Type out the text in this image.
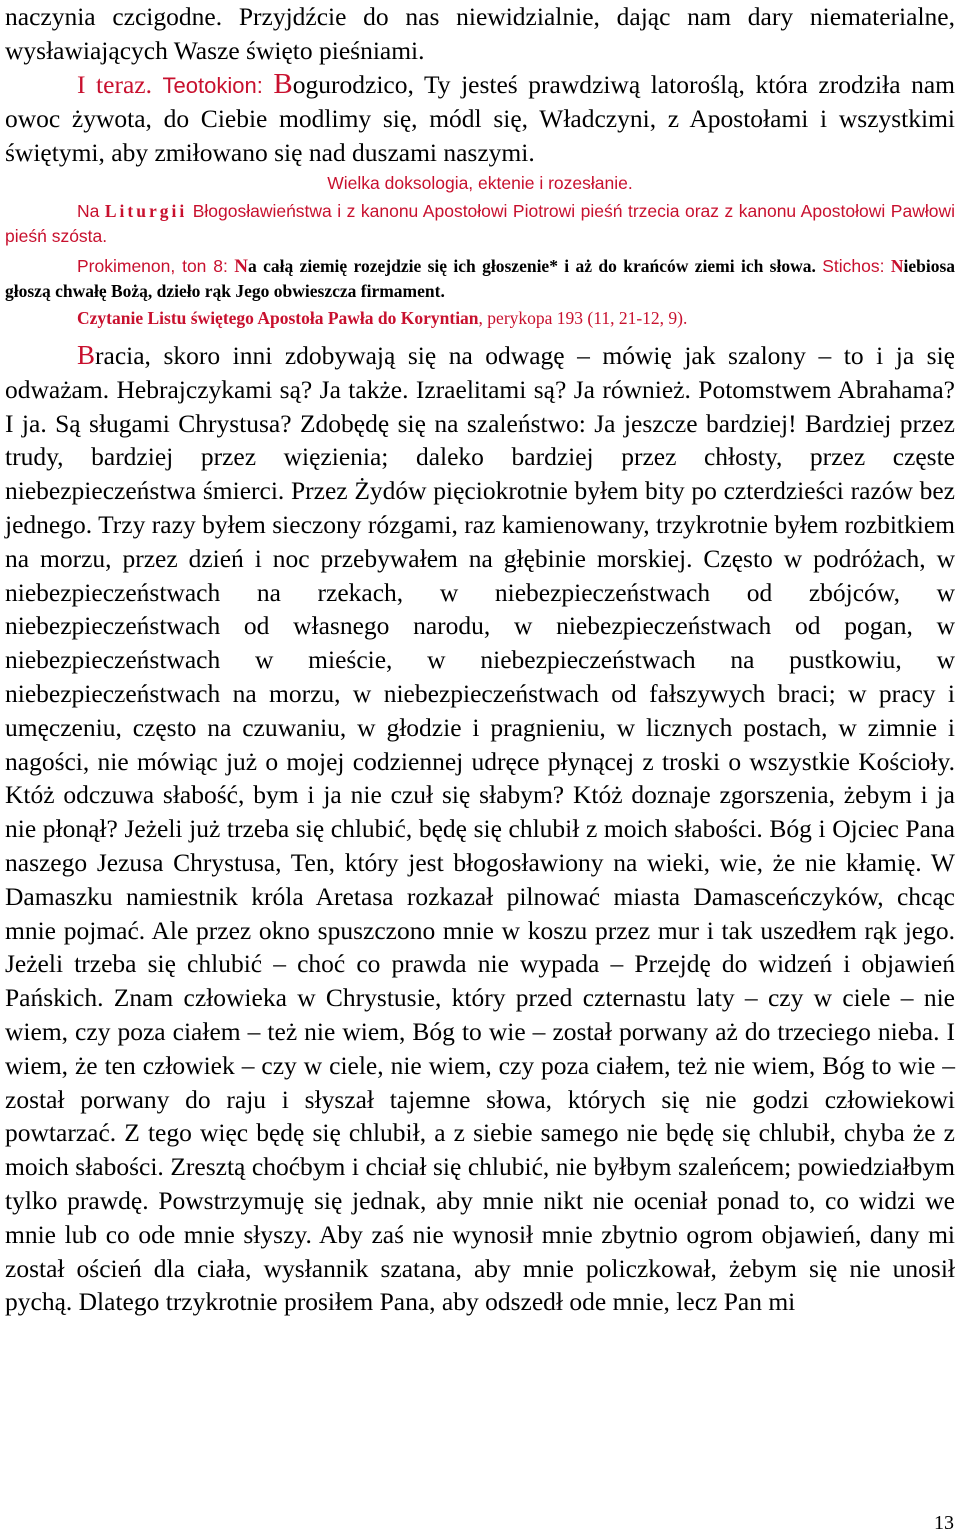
naczynia czcigodne. Przyjdźcie do nas niewidzialnie, dając nam dary niematerialne, wysławiających Wasze święto pieśniami.

I teraz. Teotokion: Bogurodzico, Ty jesteś prawdziwą latoroślą, która zrodziła nam owoc żywota, do Ciebie modlimy się, módl się, Władczyni, z Apostołami i wszystkimi świętymi, aby zmiłowano się nad duszami naszymi.

Wielka doksologia, ektenie i rozesłanie.

Na Liturgii Błogosławieństwa i z kanonu Apostołowi Piotrowi pieśń trzecia oraz z kanonu Apostołowi Pawłowi pieśń szósta.

Prokimenon, ton 8: Na całą ziemię rozejdzie się ich głoszenie* i aż do krańców ziemi ich słowa. Stichos: Niebiosa głoszą chwałę Bożą, dzieło rąk Jego obwieszcza firmament.

Czytanie Listu świętego Apostoła Pawła do Koryntian, perykopa 193 (11, 21-12, 9).

Bracia, skoro inni zdobywają się na odwagę – mówię jak szalony – to i ja się odważam. Hebrajczykami są? Ja także. Izraelitami są? Ja również. Potomstwem Abrahama? I ja. Są sługami Chrystusa? Zdobędę się na szaleństwo: Ja jeszcze bardziej! Bardziej przez trudy, bardziej przez więzienia; daleko bardziej przez chłosty, przez częste niebezpieczeństwa śmierci. Przez Żydów pięciokrotnie byłem bity po czterdzieści razów bez jednego. Trzy razy byłem sieczony rózgami, raz kamienowany, trzykrotnie byłem rozbitkiem na morzu, przez dzień i noc przebywałem na głębinie morskiej. Często w podróżach, w niebezpieczeństwach na rzekach, w niebezpieczeństwach od zbójców, w niebezpieczeństwach od własnego narodu, w niebezpieczeństwach od pogan, w niebezpieczeństwach w mieście, w niebezpieczeństwach na pustkowiu, w niebezpieczeństwach na morzu, w niebezpieczeństwach od fałszywych braci; w pracy i umęczeniu, często na czuwaniu, w głodzie i pragnieniu, w licznych postach, w zimnie i nagości, nie mówiąc już o mojej codziennej udręce płynącej z troski o wszystkie Kościoły. Któż odczuwa słabość, bym i ja nie czuł się słabym? Któż doznaje zgorszenia, żebym i ja nie płonął? Jeżeli już trzeba się chlubić, będę się chlubił z moich słabości. Bóg i Ojciec Pana naszego Jezusa Chrystusa, Ten, który jest błogosławiony na wieki, wie, że nie kłamię. W Damaszku namiestnik króla Aretasa rozkazał pilnować miasta Damasceńczyków, chcąc mnie pojmać. Ale przez okno spuszczono mnie w koszu przez mur i tak uszedłem rąk jego. Jeżeli trzeba się chlubić – choć co prawda nie wypada – Przejdę do widzeń i objawień Pańskich. Znam człowieka w Chrystusie, który przed czternastu laty – czy w ciele – nie wiem, czy poza ciałem – też nie wiem, Bóg to wie – został porwany aż do trzeciego nieba. I wiem, że ten człowiek – czy w ciele, nie wiem, czy poza ciałem, też nie wiem, Bóg to wie – został porwany do raju i słyszał tajemne słowa, których się nie godzi człowiekowi powtarzać. Z tego więc będę się chlubił, a z siebie samego nie będę się chlubił, chyba że z moich słabości. Zresztą choćbym i chciał się chlubić, nie byłbym szaleńcem; powiedziałbym tylko prawdę. Powstrzymuję się jednak, aby mnie nikt nie oceniał ponad to, co widzi we mnie lub co ode mnie słyszy. Aby zaś nie wynosił mnie zbytnio ogrom objawień, dany mi został oścień dla ciała, wysłannik szatana, aby mnie policzkował, żebym się nie unosił pychą. Dlatego trzykrotnie prosiłem Pana, aby odszedł ode mnie, lecz Pan mi

13
